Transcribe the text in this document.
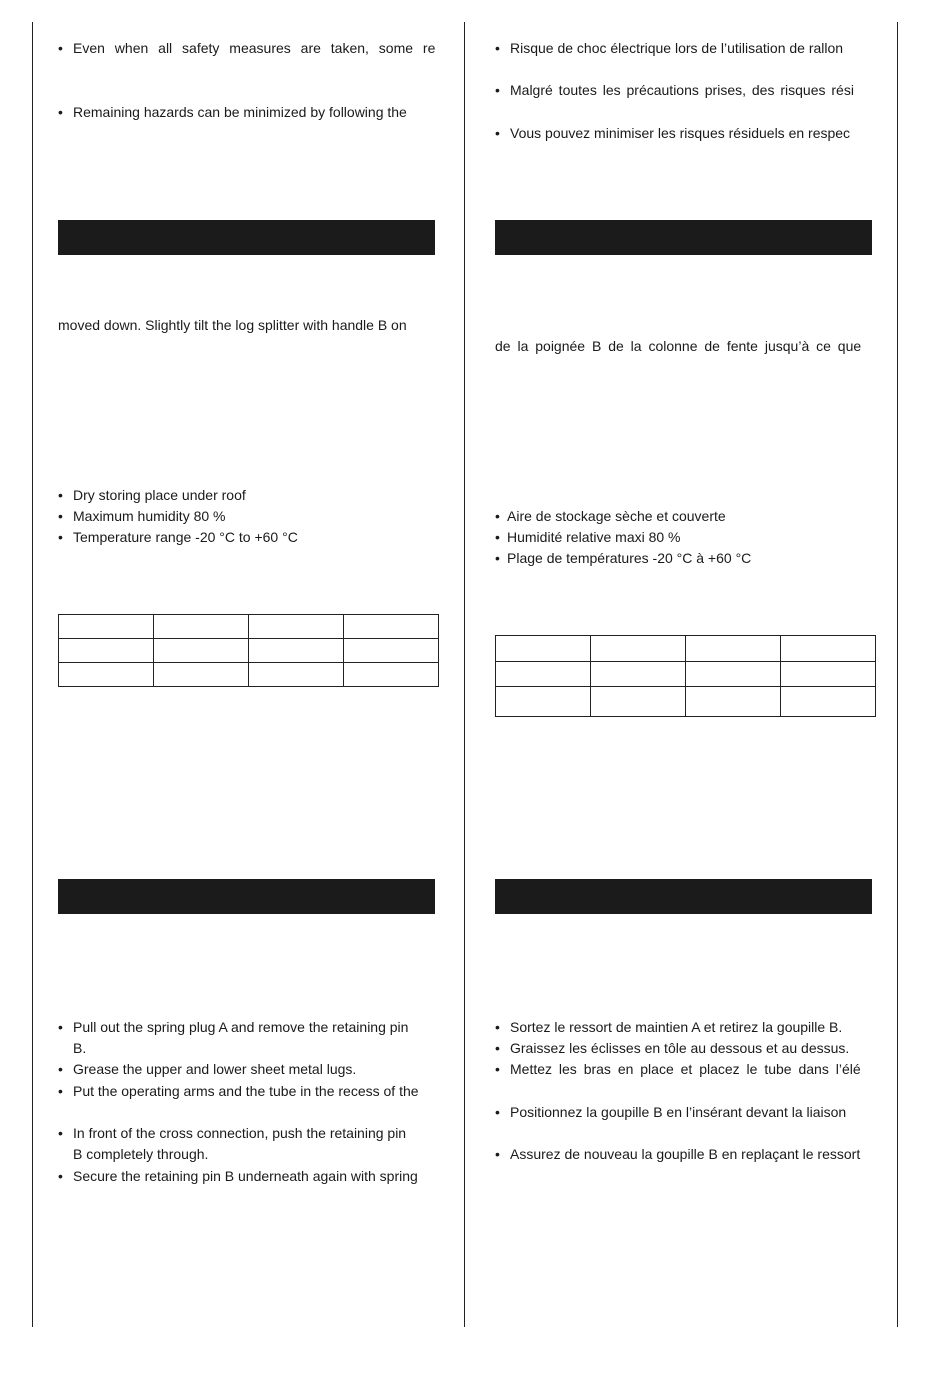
• Even when all safety measures are taken, some re
• Remaining hazards can be minimized by following the
moved down. Slightly tilt the log splitter with handle B on
• Dry storing place under roof
• Maximum humidity 80 %
• Temperature range -20 °C to +60 °C

• Pull out the spring plug A and remove the retaining pin
B.
• Grease the upper and lower sheet metal lugs.
• Put the operating arms and the tube in the recess of the
• In front of the cross connection, push the retaining pin
B completely through.
• Secure the retaining pin B underneath again with spring
• Risque de choc électrique lors de l’utilisation de rallon
• Malgré toutes les précautions prises, des risques rési
• Vous pouvez minimiser les risques résiduels en respec
de la poignée B de la colonne de fente jusqu’à ce que
• Aire de stockage sèche et couverte
• Humidité relative maxi 80 %
• Plage de températures -20 °C à +60 °C

• Sortez le ressort de maintien A et retirez la goupille B.
• Graissez les éclisses en tôle au dessous et au dessus.
• Mettez les bras en place et placez le tube dans l’élé
• Positionnez la goupille B en l’insérant devant la liaison
• Assurez de nouveau la goupille B en replaçant le ressort
